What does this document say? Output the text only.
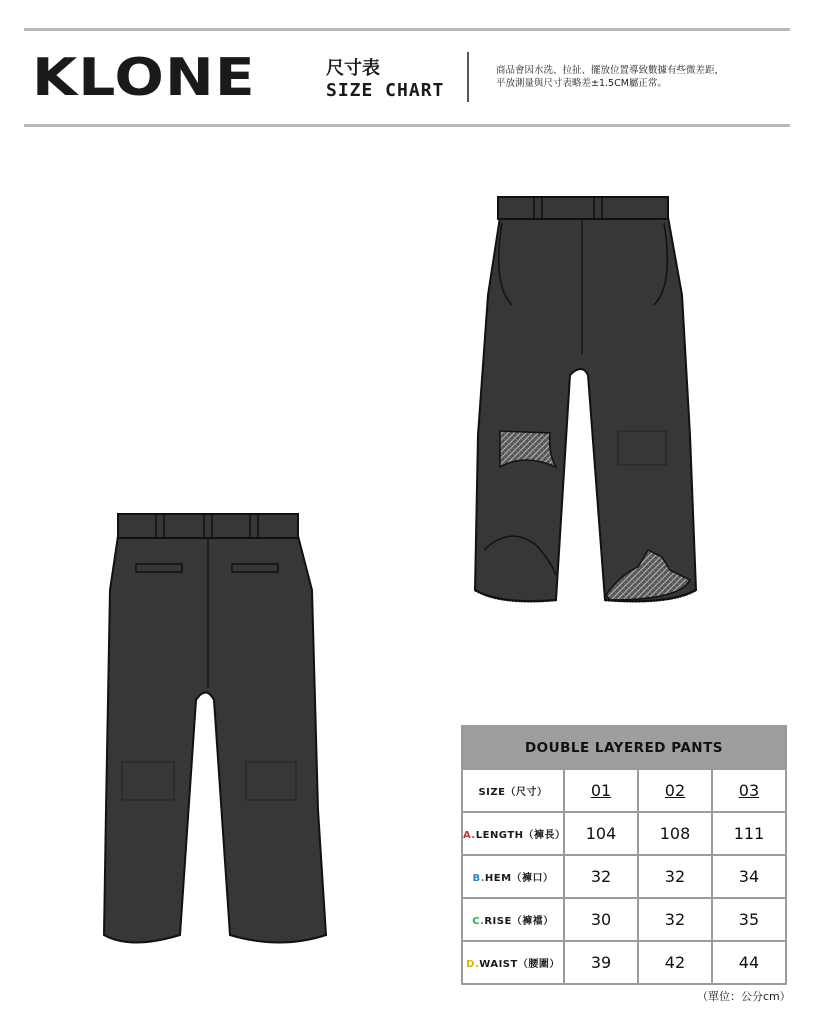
KLONE	尺寸表
SIZE CHART
商品會因水洗、拉扯、擺放位置導致數據有些微差距，
平放測量與尺寸表略差±1.5CM屬正常。
DOUBLE LAYERED PANTS			
SIZE（尺寸）	01	02	03
A.LENGTH（褲長）	104	108	111
B.HEM（褲口）	32	32	34
C.RISE（褲襠）	30	32	35
D.WAIST（腰圍）	39	42	44
（單位：公分cm）
